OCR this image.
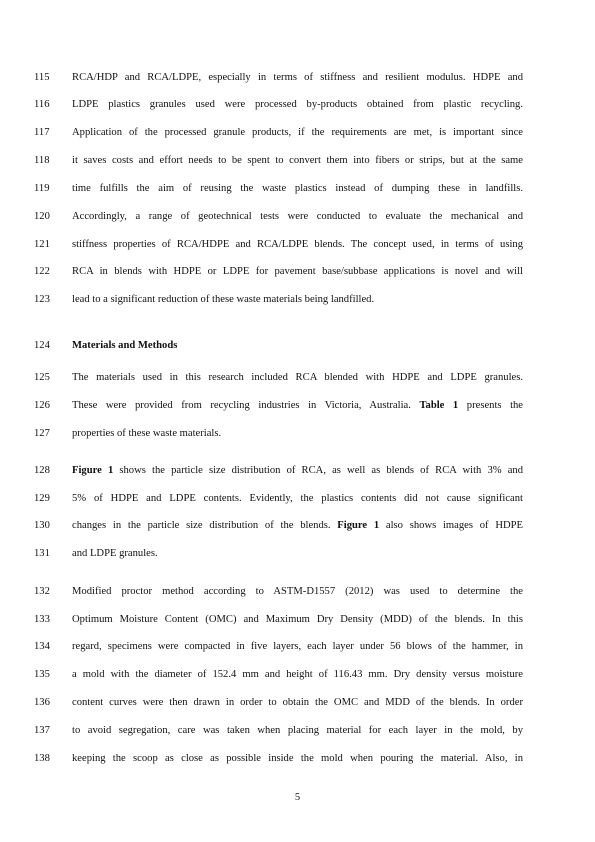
5
115	RCA/HDP and RCA/LDPE, especially in terms of stiffness and resilient modulus. HDPE and
116	LDPE plastics granules used were processed by-products obtained from plastic recycling.
117	Application of the processed granule products, if the requirements are met, is important since
118	it saves costs and effort needs to be spent to convert them into fibers or strips, but at the same
119	time fulfills the aim of reusing the waste plastics instead of dumping these in landfills.
120	Accordingly, a range of geotechnical tests were conducted to evaluate the mechanical and
121	stiffness properties of RCA/HDPE and RCA/LDPE blends. The concept used, in terms of using
122	RCA in blends with HDPE or LDPE for pavement base/subbase applications is novel and will
123	lead to a significant reduction of these waste materials being landfilled.
124	Materials and Methods
125	The materials used in this research included RCA blended with HDPE and LDPE granules.
126	These were provided from recycling industries in Victoria, Australia. Table 1 presents the
127	properties of these waste materials.
128	Figure 1 shows the particle size distribution of RCA, as well as blends of RCA with 3% and
129	5% of HDPE and LDPE contents. Evidently, the plastics contents did not cause significant
130	changes in the particle size distribution of the blends. Figure 1 also shows images of HDPE
131	and LDPE granules.
132	Modified proctor method according to ASTM-D1557 (2012) was used to determine the
133	Optimum Moisture Content (OMC) and Maximum Dry Density (MDD) of the blends. In this
134	regard, specimens were compacted in five layers, each layer under 56 blows of the hammer, in
135	a mold with the diameter of 152.4 mm and height of 116.43 mm. Dry density versus moisture
136	content curves were then drawn in order to obtain the OMC and MDD of the blends. In order
137	to avoid segregation, care was taken when placing material for each layer in the mold, by
138	keeping the scoop as close as possible inside the mold when pouring the material. Also, in
